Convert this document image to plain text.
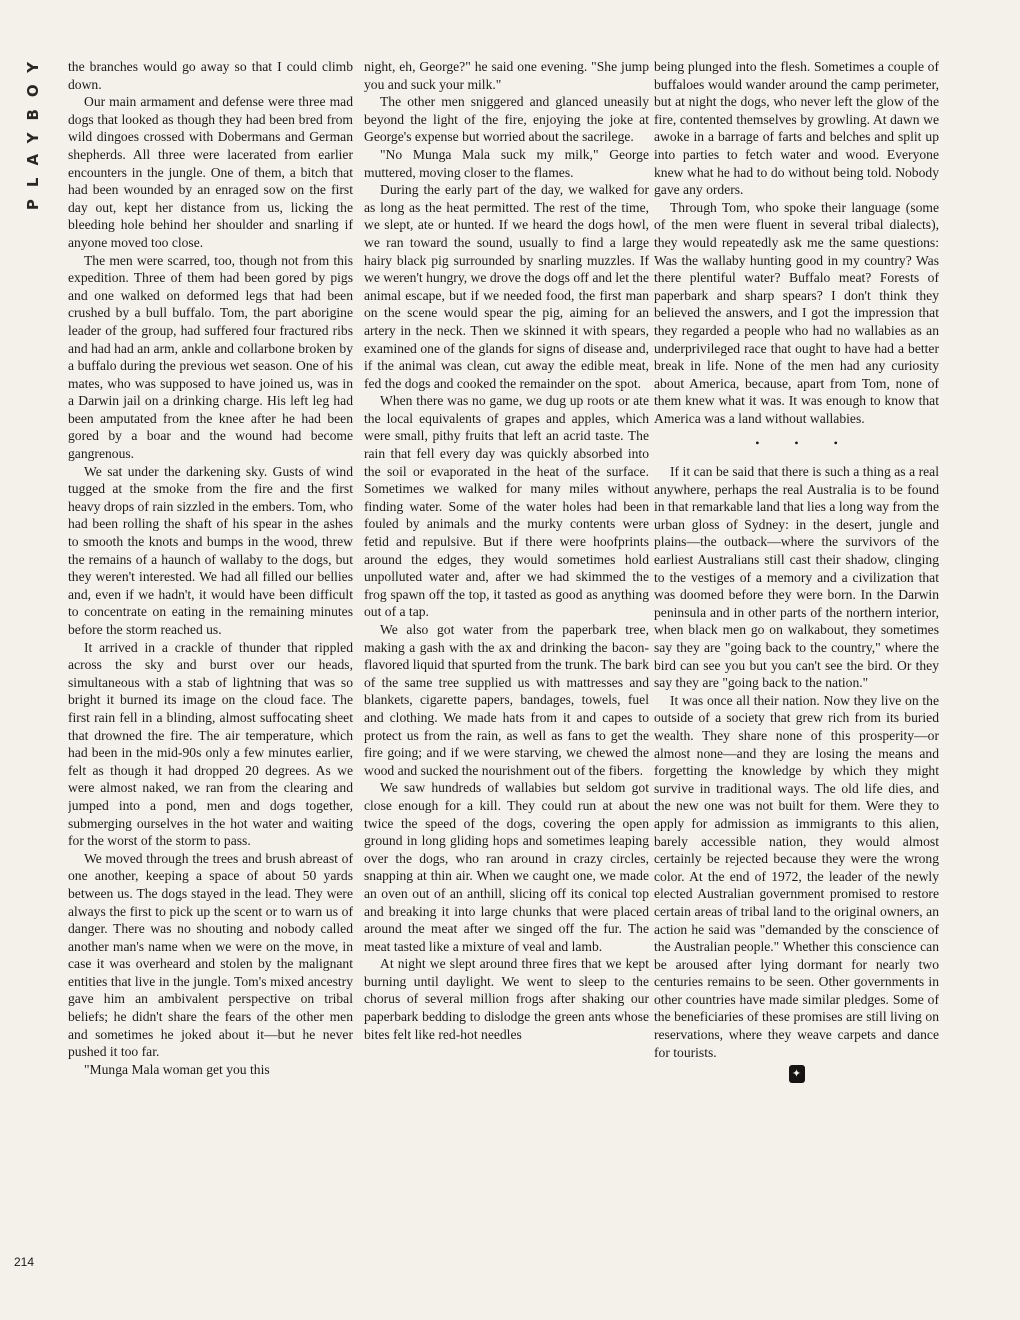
PLAYBOY
214

the branches would go away so that I could climb down.

Our main armament and defense were three mad dogs that looked as though they had been bred from wild dingoes crossed with Dobermans and German shepherds. All three were lacerated from earlier encounters in the jungle. One of them, a bitch that had been wounded by an enraged sow on the first day out, kept her distance from us, licking the bleeding hole behind her shoulder and snarling if anyone moved too close.

The men were scarred, too, though not from this expedition. Three of them had been gored by pigs and one walked on deformed legs that had been crushed by a bull buffalo. Tom, the part aborigine leader of the group, had suffered four fractured ribs and had had an arm, ankle and collarbone broken by a buffalo during the previous wet season. One of his mates, who was supposed to have joined us, was in a Darwin jail on a drinking charge. His left leg had been amputated from the knee after he had been gored by a boar and the wound had become gangrenous.

We sat under the darkening sky. Gusts of wind tugged at the smoke from the fire and the first heavy drops of rain sizzled in the embers. Tom, who had been rolling the shaft of his spear in the ashes to smooth the knots and bumps in the wood, threw the remains of a haunch of wallaby to the dogs, but they weren't interested. We had all filled our bellies and, even if we hadn't, it would have been difficult to concentrate on eating in the remaining minutes before the storm reached us.

It arrived in a crackle of thunder that rippled across the sky and burst over our heads, simultaneous with a stab of lightning that was so bright it burned its image on the cloud face. The first rain fell in a blinding, almost suffocating sheet that drowned the fire. The air temperature, which had been in the mid-90s only a few minutes earlier, felt as though it had dropped 20 degrees. As we were almost naked, we ran from the clearing and jumped into a pond, men and dogs together, submerging ourselves in the hot water and waiting for the worst of the storm to pass.

We moved through the trees and brush abreast of one another, keeping a space of about 50 yards between us. The dogs stayed in the lead. They were always the first to pick up the scent or to warn us of danger. There was no shouting and nobody called another man's name when we were on the move, in case it was overheard and stolen by the malignant entities that live in the jungle. Tom's mixed ancestry gave him an ambivalent perspective on tribal beliefs; he didn't share the fears of the other men and sometimes he joked about it—but he never pushed it too far.

"Munga Mala woman get you this

night, eh, George?" he said one evening. "She jump you and suck your milk."

The other men sniggered and glanced uneasily beyond the light of the fire, enjoying the joke at George's expense but worried about the sacrilege.

"No Munga Mala suck my milk," George muttered, moving closer to the flames.

During the early part of the day, we walked for as long as the heat permitted. The rest of the time, we slept, ate or hunted. If we heard the dogs howl, we ran toward the sound, usually to find a large hairy black pig surrounded by snarling muzzles. If we weren't hungry, we drove the dogs off and let the animal escape, but if we needed food, the first man on the scene would spear the pig, aiming for an artery in the neck. Then we skinned it with spears, examined one of the glands for signs of disease and, if the animal was clean, cut away the edible meat, fed the dogs and cooked the remainder on the spot.

When there was no game, we dug up roots or ate the local equivalents of grapes and apples, which were small, pithy fruits that left an acrid taste. The rain that fell every day was quickly absorbed into the soil or evaporated in the heat of the surface. Sometimes we walked for many miles without finding water. Some of the water holes had been fouled by animals and the murky contents were fetid and repulsive. But if there were hoofprints around the edges, they would sometimes hold unpolluted water and, after we had skimmed the frog spawn off the top, it tasted as good as anything out of a tap.

We also got water from the paperbark tree, making a gash with the ax and drinking the bacon-flavored liquid that spurted from the trunk. The bark of the same tree supplied us with mattresses and blankets, cigarette papers, bandages, towels, fuel and clothing. We made hats from it and capes to protect us from the rain, as well as fans to get the fire going; and if we were starving, we chewed the wood and sucked the nourishment out of the fibers.

We saw hundreds of wallabies but seldom got close enough for a kill. They could run at about twice the speed of the dogs, covering the open ground in long gliding hops and sometimes leaping over the dogs, who ran around in crazy circles, snapping at thin air. When we caught one, we made an oven out of an anthill, slicing off its conical top and breaking it into large chunks that were placed around the meat after we singed off the fur. The meat tasted like a mixture of veal and lamb.

At night we slept around three fires that we kept burning until daylight. We went to sleep to the chorus of several million frogs after shaking our paperbark bedding to dislodge the green ants whose bites felt like red-hot needles

being plunged into the flesh. Sometimes a couple of buffaloes would wander around the camp perimeter, but at night the dogs, who never left the glow of the fire, contented themselves by growling. At dawn we awoke in a barrage of farts and belches and split up into parties to fetch water and wood. Everyone knew what he had to do without being told. Nobody gave any orders.

Through Tom, who spoke their language (some of the men were fluent in several tribal dialects), they would repeatedly ask me the same questions: Was the wallaby hunting good in my country? Was there plentiful water? Buffalo meat? Forests of paperbark and sharp spears? I don't think they believed the answers, and I got the impression that they regarded a people who had no wallabies as an underprivileged race that ought to have had a better break in life. None of the men had any curiosity about America, because, apart from Tom, none of them knew what it was. It was enough to know that America was a land without wallabies.

• • •

If it can be said that there is such a thing as a real anywhere, perhaps the real Australia is to be found in that remarkable land that lies a long way from the urban gloss of Sydney: in the desert, jungle and plains—the outback—where the survivors of the earliest Australians still cast their shadow, clinging to the vestiges of a memory and a civilization that was doomed before they were born. In the Darwin peninsula and in other parts of the northern interior, when black men go on walkabout, they sometimes say they are "going back to the country," where the bird can see you but you can't see the bird. Or they say they are "going back to the nation."

It was once all their nation. Now they live on the outside of a society that grew rich from its buried wealth. They share none of this prosperity—or almost none—and they are losing the means and forgetting the knowledge by which they might survive in traditional ways. The old life dies, and the new one was not built for them. Were they to apply for admission as immigrants to this alien, barely accessible nation, they would almost certainly be rejected because they were the wrong color. At the end of 1972, the leader of the newly elected Australian government promised to restore certain areas of tribal land to the original owners, an action he said was "demanded by the conscience of the Australian people." Whether this conscience can be aroused after lying dormant for nearly two centuries remains to be seen. Other governments in other countries have made similar pledges. Some of the beneficiaries of these promises are still living on reservations, where they weave carpets and dance for tourists.

✦
